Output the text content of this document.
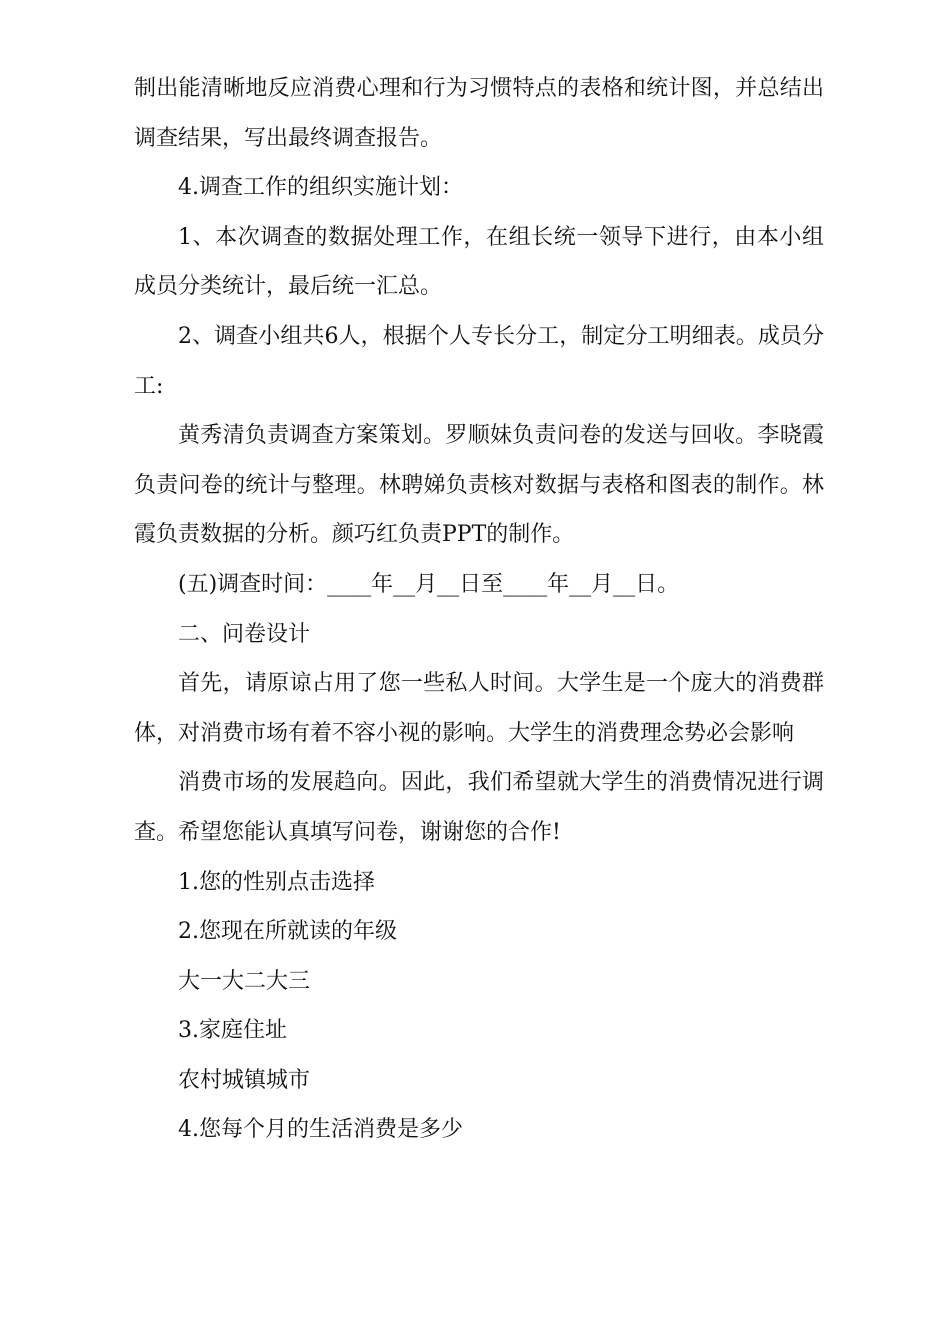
制出能清晰地反应消费心理和行为习惯特点的表格和统计图，并总结出调查结果，写出最终调查报告。

4.调查工作的组织实施计划：

1、本次调查的数据处理工作，在组长统一领导下进行，由本小组成员分类统计，最后统一汇总。

2、调查小组共6人，根据个人专长分工，制定分工明细表。成员分工:

黄秀清负责调查方案策划。罗顺妹负责问卷的发送与回收。李晓霞负责问卷的统计与整理。林聘娣负责核对数据与表格和图表的制作。林霞负责数据的分析。颜巧红负责PPT的制作。

(五)调查时间：____年__月__日至____年__月__日。

二、问卷设计

首先，请原谅占用了您一些私人时间。大学生是一个庞大的消费群体，对消费市场有着不容小视的影响。大学生的消费理念势必会影响

消费市场的发展趋向。因此，我们希望就大学生的消费情况进行调查。希望您能认真填写问卷，谢谢您的合作!

1.您的性别点击选择

2.您现在所就读的年级

大一大二大三

3.家庭住址

农村城镇城市

4.您每个月的生活消费是多少
